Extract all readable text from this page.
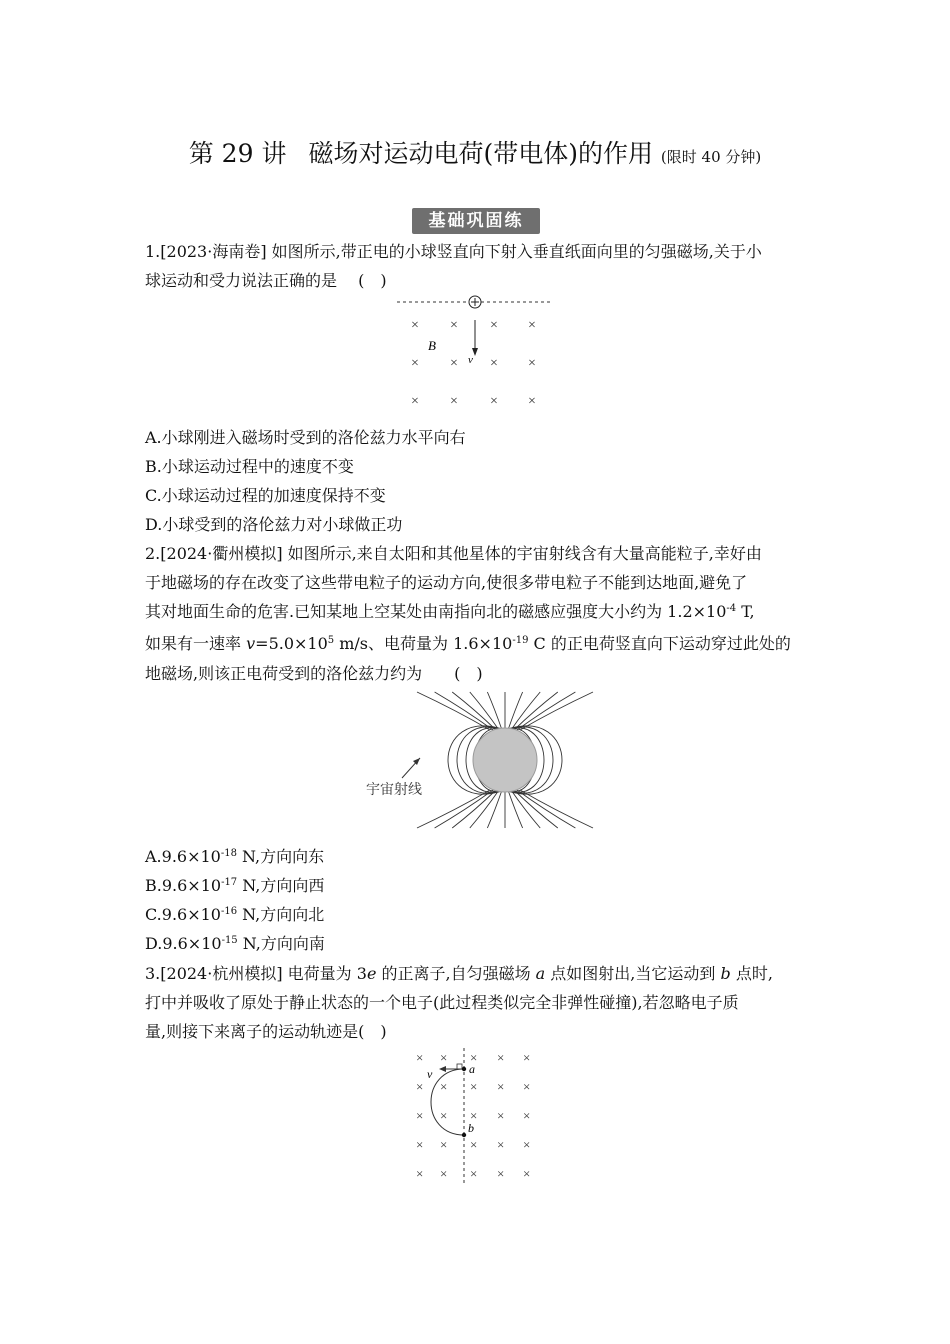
第 29 讲 磁场对运动电荷(带电体)的作用 (限时 40 分钟)
基础巩固练
1.[2023·海南卷] 如图所示,带正电的小球竖直向下射入垂直纸面向里的匀强磁场,关于小
球运动和受力说法正确的是　 (　)
v
B
× × × ×
× × × ×
× × × ×
A.小球刚进入磁场时受到的洛伦兹力水平向右
B.小球运动过程中的速度不变
C.小球运动过程的加速度保持不变
D.小球受到的洛伦兹力对小球做正功
2.[2024·衢州模拟] 如图所示,来自太阳和其他星体的宇宙射线含有大量高能粒子,幸好由
于地磁场的存在改变了这些带电粒子的运动方向,使很多带电粒子不能到达地面,避免了
其对地面生命的危害.已知某地上空某处由南指向北的磁感应强度大小约为 $1.2\times 10^{-4}$ T,
如果有一速率 $v=5.0\times 10^5$ m/s、电荷量为 $1.6\times 10^{-19}$ C 的正电荷竖直向下运动穿过此处的
地磁场,则该正电荷受到的洛伦兹力约为　　(　)
宇宙射线
$A.9.6\times 10^{-18}$ N,方向向东
$B.9.6\times 10^{-17}$ N,方向向西
$C.9.6\times 10^{-16}$ N,方向向北
$D.9.6\times 10^{-15}$ N,方向向南
3.[2024·杭州模拟] 电荷量为 3e 的正离子,自匀强磁场 a 点如图射出,当它运动到 b 点时,
打中并吸收了原处于静止状态的一个电子(此过程类似完全非弹性碰撞),若忽略电子质
量,则接下来离子的运动轨迹是(　)
× × × × ×
× × × × ×
× × × × ×
× × × × ×
× × × × ×
v	a
b
